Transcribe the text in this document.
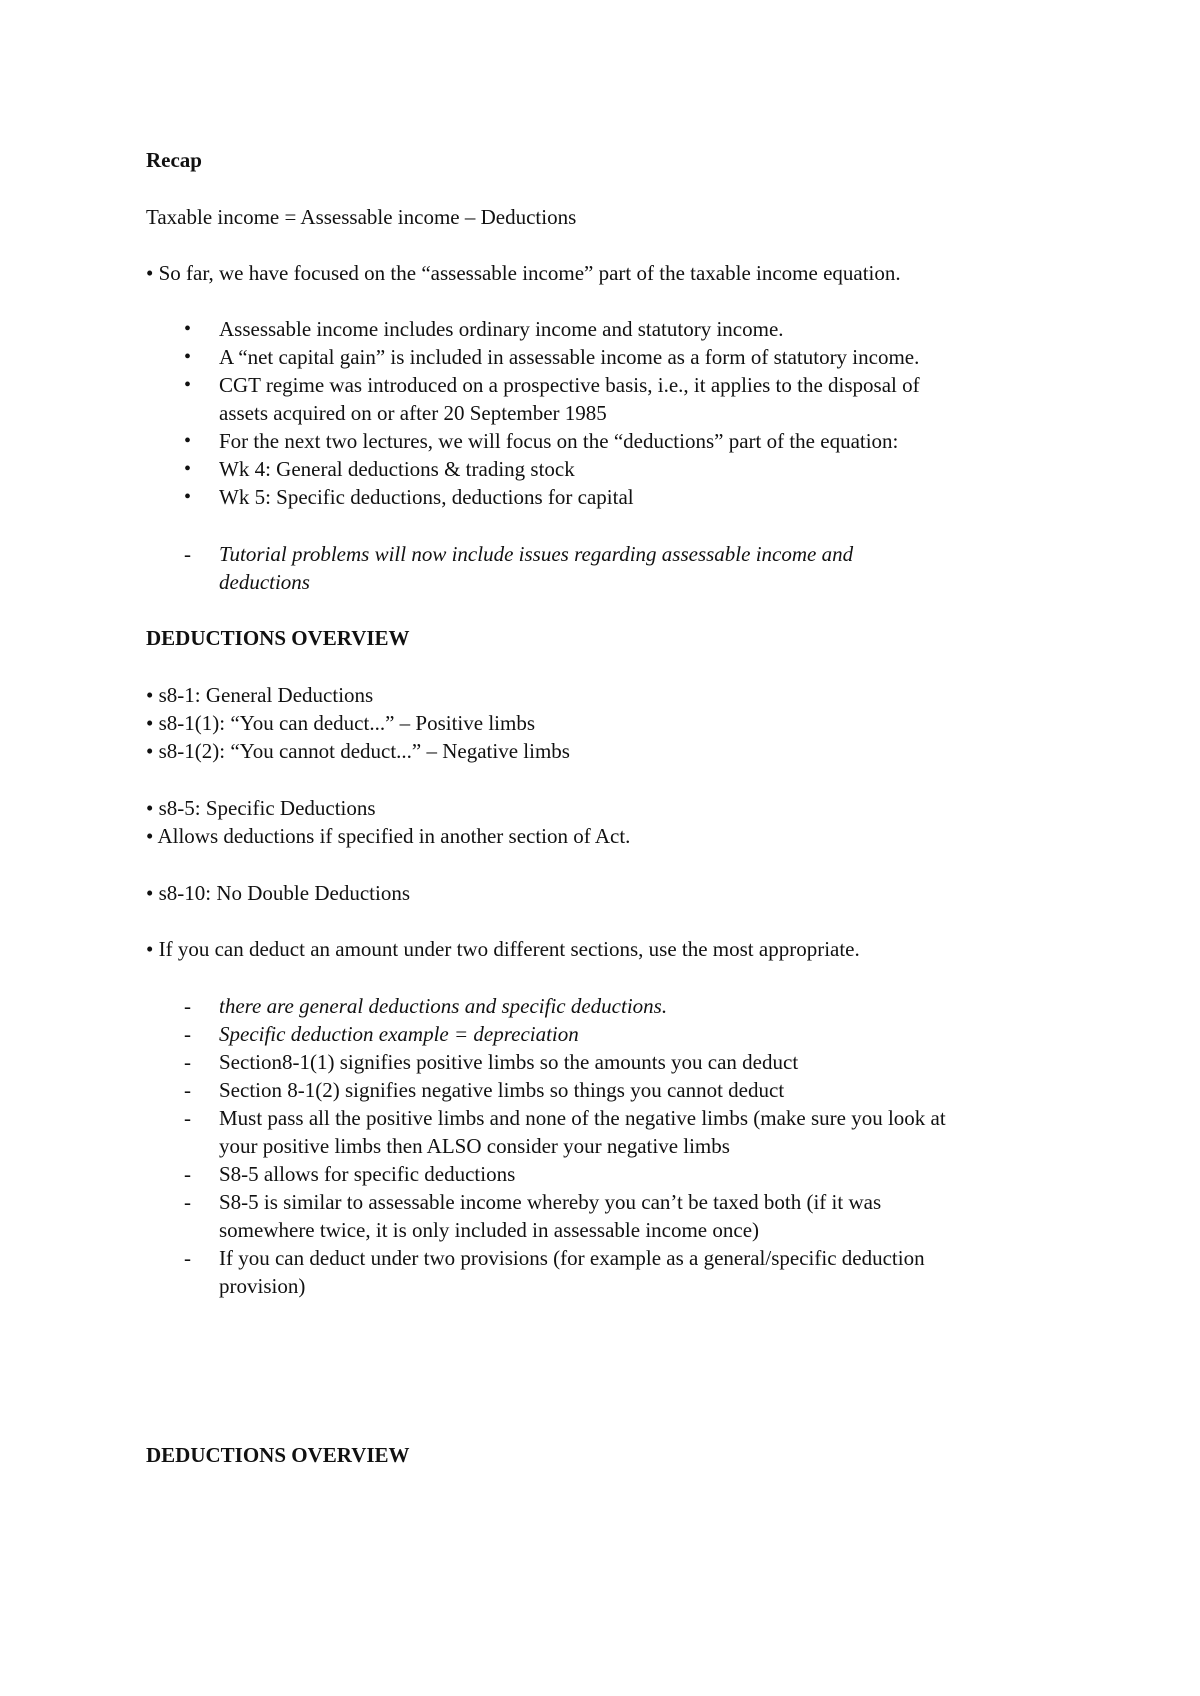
Recap

Taxable income = Assessable income – Deductions

• So far, we have focused on the “assessable income” part of the taxable income equation.

• Assessable income includes ordinary income and statutory income.

• A “net capital gain” is included in assessable income as a form of statutory income.

• CGT regime was introduced on a prospective basis, i.e., it applies to the disposal of

assets acquired on or after 20 September 1985

• For the next two lectures, we will focus on the “deductions” part of the equation:

• Wk 4: General deductions & trading stock

• Wk 5: Specific deductions, deductions for capital

- Tutorial problems will now include issues regarding assessable income and

deductions

DEDUCTIONS OVERVIEW

• s8-1: General Deductions

• s8-1(1): “You can deduct...” – Positive limbs

• s8-1(2): “You cannot deduct...” – Negative limbs

• s8-5: Specific Deductions

• Allows deductions if specified in another section of Act.

• s8-10: No Double Deductions

• If you can deduct an amount under two different sections, use the most appropriate.

- there are general deductions and specific deductions.

- Specific deduction example = depreciation

- Section8-1(1) signifies positive limbs so the amounts you can deduct

- Section 8-1(2) signifies negative limbs so things you cannot deduct

- Must pass all the positive limbs and none of the negative limbs (make sure you look at

your positive limbs then ALSO consider your negative limbs

- S8-5 allows for specific deductions

- S8-5 is similar to assessable income whereby you can’t be taxed both (if it was

somewhere twice, it is only included in assessable income once)

- If you can deduct under two provisions (for example as a general/specific deduction

provision)

DEDUCTIONS OVERVIEW
